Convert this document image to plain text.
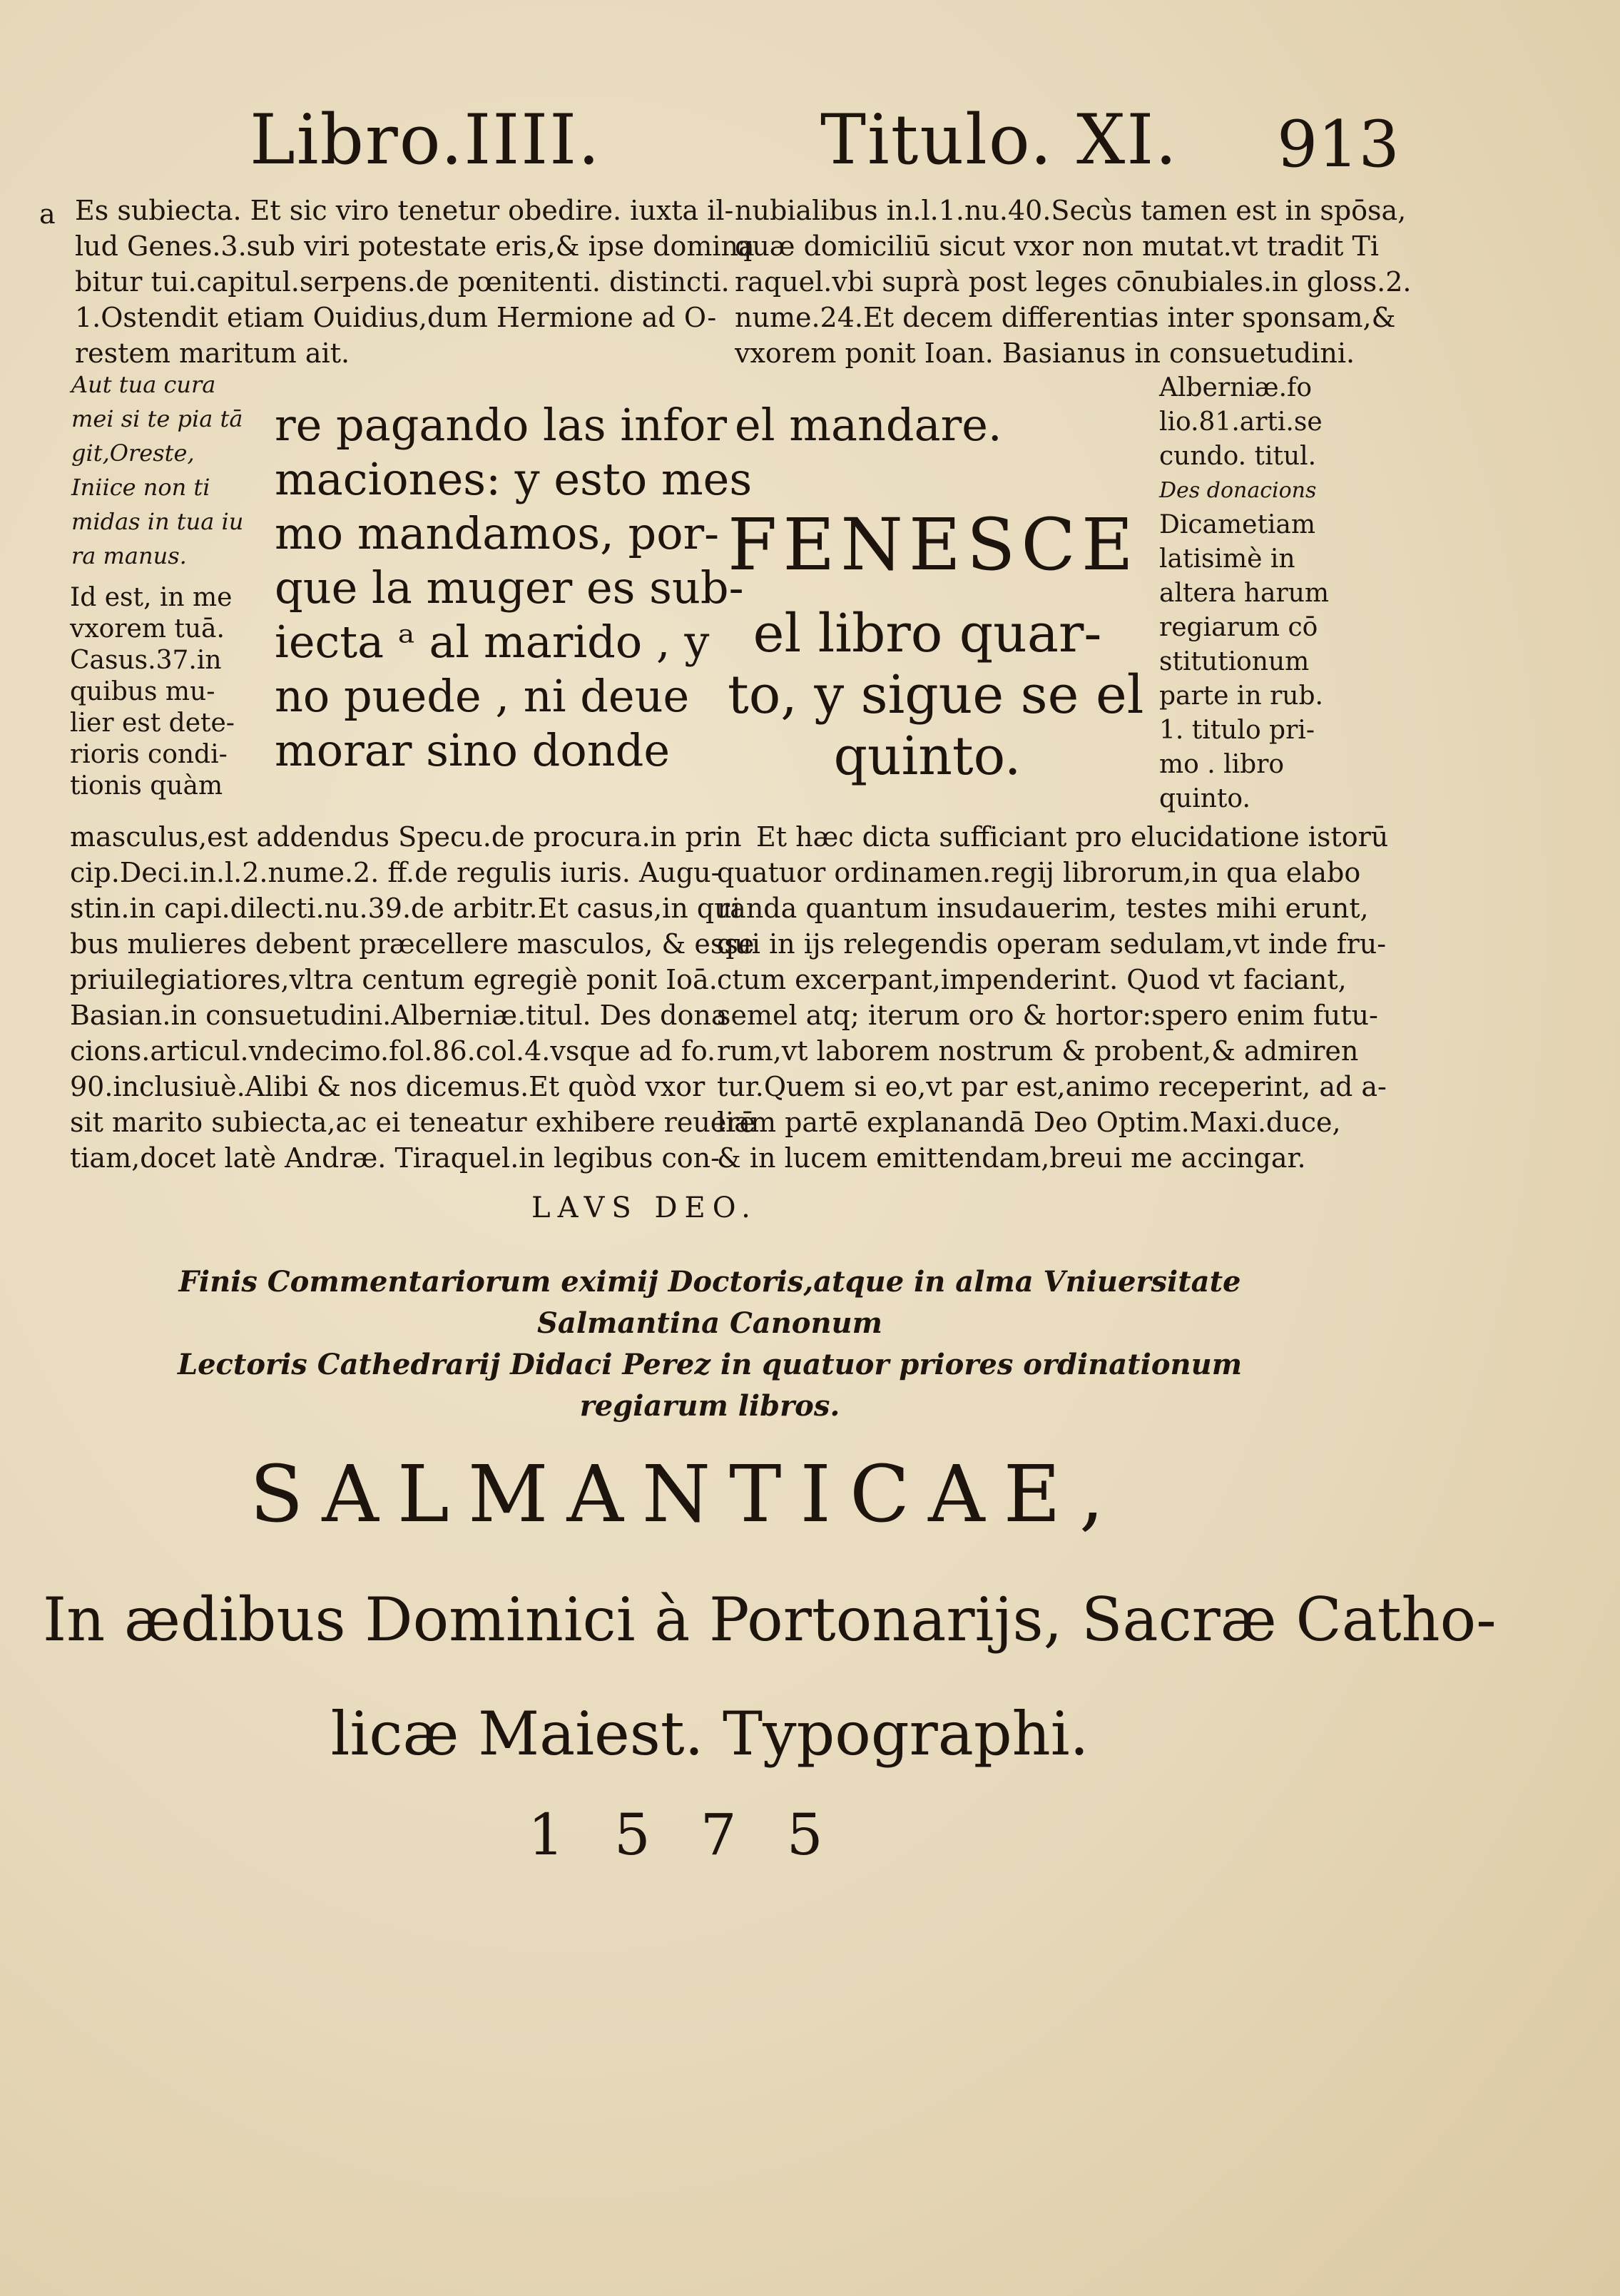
Libro.IIII.	Titulo. XI. 913
a Es subiecta. Et sic viro tenetur obedire. iuxta il-
lud Genes.3.sub viri potestate eris,& ipse domina
bitur tui.capitul.serpens.de pœnitenti. distincti.
1.Ostendit etiam Ouidius,dum Hermione ad O-
restem maritum ait.
Aut tua cura
mei si te pia tā
git,Oreste,
Iniice non ti
midas in tua iu
ra manus.
Id est, in me
vxorem tuā.
Casus.37.in
quibus mu-
lier est dete-
rioris condi-
tionis quàm
re pagando las infor
maciones: y esto mes
mo mandamos, por-
que la muger es sub-
iecta ᵃ al marido , y
no puede , ni deue
morar sino donde
masculus,est addendus Specu.de procura.in prin
cip.Deci.in.l.2.nume.2. ff.de regulis iuris. Augu-
stin.in capi.dilecti.nu.39.de arbitr.Et casus,in qui
bus mulieres debent præcellere masculos, & esse
priuilegiatiores,vltra centum egregiè ponit Ioā.
Basian.in consuetudini.Alberniæ.titul. Des dona
cions.articul.vndecimo.fol.86.col.4.vsque ad fo.
90.inclusiuè.Alibi & nos dicemus.Et quòd vxor
sit marito subiecta,ac ei teneatur exhibere reuerē
tiam,docet latè Andræ. Tiraquel.in legibus con-
nubialibus in.l.1.nu.40.Secùs tamen est in spōsa,
quæ domiciliū sicut vxor non mutat.vt tradit Ti
raquel.vbi suprà post leges cōnubiales.in gloss.2.
nume.24.Et decem differentias inter sponsam,&
vxorem ponit Ioan. Basianus in consuetudini.
el mandare.
FENESCE
el libro quar-
to, y sigue se el
quinto.
Alberniæ.fo
lio.81.arti.se
cundo. titul.
Des donacions
Dicametiam
latisimè in
altera harum
regiarum cō
stitutionum
parte in rub.
1. titulo pri-
mo . libro
quinto.
Et hæc dicta sufficiant pro elucidatione istorū
quatuor ordinamen.regij librorum,in qua elabo
randa quantum insudauerim, testes mihi erunt,
qui in ijs relegendis operam sedulam,vt inde fru-
ctum excerpant,impenderint. Quod vt faciant,
semel atq; iterum oro & hortor:spero enim futu-
rum,vt laborem nostrum & probent,& admiren
tur.Quem si eo,vt par est,animo receperint, ad a-
liam partē explanandā Deo Optim.Maxi.duce,
& in lucem emittendam,breui me accingar.
LAVS DEO.
Finis Commentariorum eximij Doctoris,atque in alma Vniuersitate Salmantina Canonum
Lectoris Cathedrarij Didaci Perez in quatuor priores ordinationum
regiarum libros.
SALMANTICAE,
In ædibus Dominici à Portonarijs, Sacræ Catho-
licæ Maiest. Typographi.
1575
